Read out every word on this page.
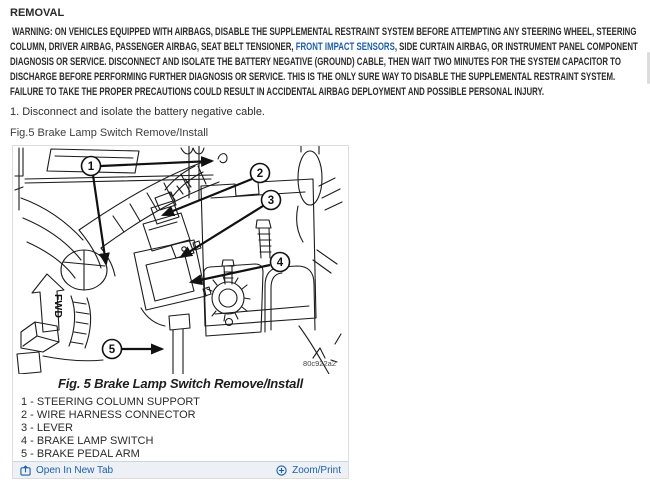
REMOVAL
WARNING: ON VEHICLES EQUIPPED WITH AIRBAGS, DISABLE THE SUPPLEMENTAL RESTRAINT SYSTEM BEFORE ATTEMPTING ANY STEERING WHEEL, STEERING COLUMN, DRIVER AIRBAG, PASSENGER AIRBAG, SEAT BELT TENSIONER, FRONT IMPACT SENSORS, SIDE CURTAIN AIRBAG, OR INSTRUMENT PANEL COMPONENT DIAGNOSIS OR SERVICE. DISCONNECT AND ISOLATE THE BATTERY NEGATIVE (GROUND) CABLE, THEN WAIT TWO MINUTES FOR THE SYSTEM CAPACITOR TO DISCHARGE BEFORE PERFORMING FURTHER DIAGNOSIS OR SERVICE. THIS IS THE ONLY SURE WAY TO DISABLE THE SUPPLEMENTAL RESTRAINT SYSTEM. FAILURE TO TAKE THE PROPER PRECAUTIONS COULD RESULT IN ACCIDENTAL AIRBAG DEPLOYMENT AND POSSIBLE PERSONAL INJURY.
1. Disconnect and isolate the battery negative cable.
Fig.5 Brake Lamp Switch Remove/Install
FWD
1
2
3
4
5
80c922a2
Fig. 5 Brake Lamp Switch Remove/Install
1 - STEERING COLUMN SUPPORT
2 - WIRE HARNESS CONNECTOR
3 - LEVER
4 - BRAKE LAMP SWITCH
5 - BRAKE PEDAL ARM
Open In New Tab	Zoom/Print
